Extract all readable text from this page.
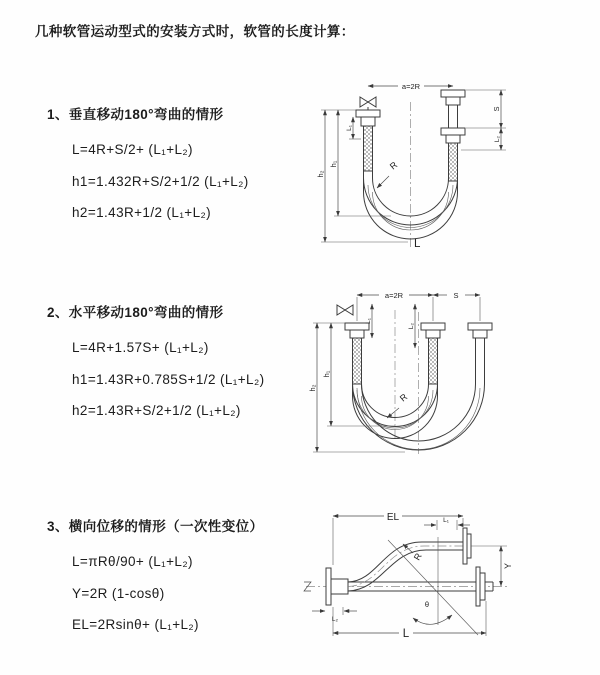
几种软管运动型式的安装方式时，软管的长度计算：
1、垂直移动180°弯曲的情形
L=4R+S/2+ (L₁+L₂)
h1=1.432R+S/2+1/2 (L₁+L₂)
h2=1.43R+1/2 (L₁+L₂)
2、水平移动180°弯曲的情形
L=4R+1.57S+ (L₁+L₂)
h1=1.43R+0.785S+1/2 (L₁+L₂)
h2=1.43R+S/2+1/2 (L₁+L₂)
3、横向位移的情形（一次性变位）
L=πRθ/90+ (L₁+L₂)
Y=2R (1-cosθ)
EL=2Rsinθ+ (L₁+L₂)
a=2R
S
L₂
L₁
h₂
h₁	R
L
a=2R	S
L₁
L₂
h₂
h₁
R
θ
R
EL	L₁
Y
L
L₂
